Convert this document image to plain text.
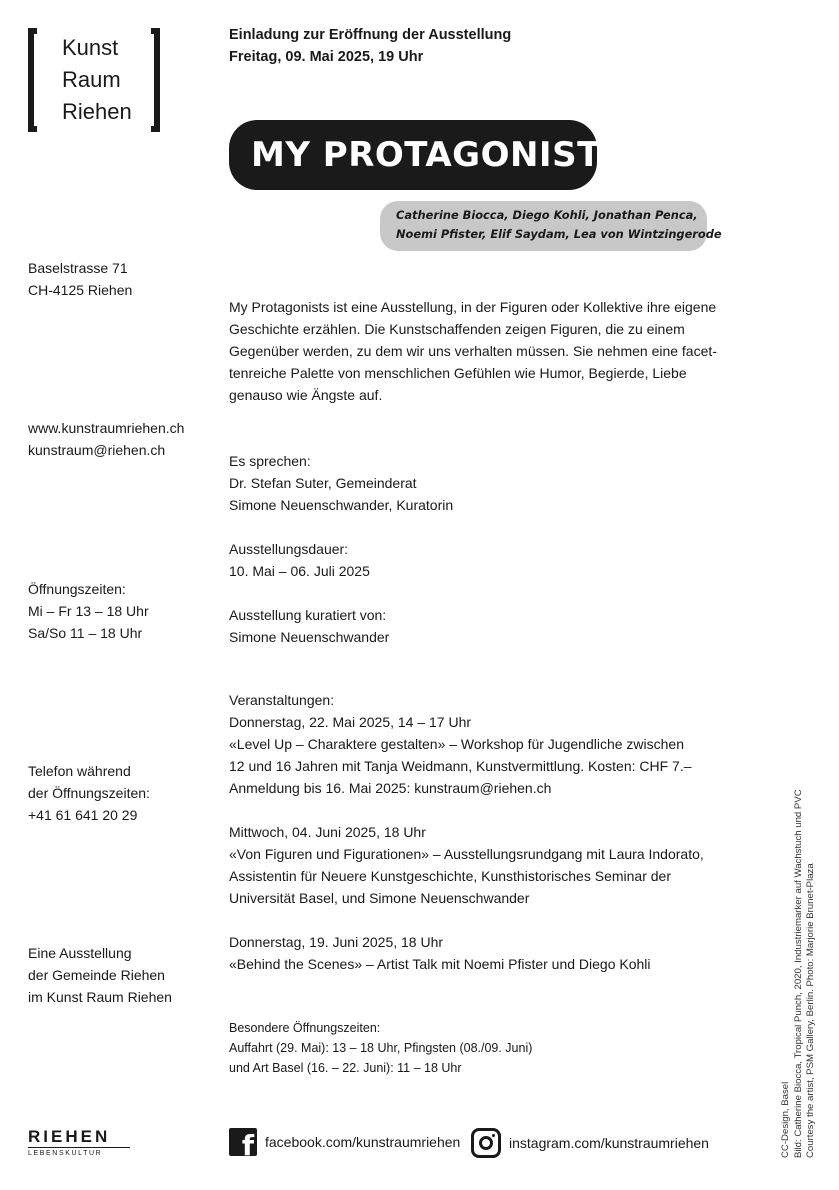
Kunst
Raum
Riehen
Einladung zur Eröffnung der Ausstellung
Freitag, 09. Mai 2025, 19 Uhr
MY PROTAGONISTS
Catherine Biocca, Diego Kohli, Jonathan Penca,
Noemi Pfister, Elif Saydam, Lea von Wintzingerode
Baselstrasse 71
CH-4125 Riehen
www.kunstraumriehen.ch
kunstraum@riehen.ch
Öffnungszeiten:
Mi – Fr 13 – 18 Uhr
Sa/So 11 – 18 Uhr
Telefon während
der Öffnungszeiten:
+41 61 641 20 29
Eine Ausstellung
der Gemeinde Riehen
im Kunst Raum Riehen
My Protagonists ist eine Ausstellung, in der Figuren oder Kollektive ihre eigene
Geschichte erzählen. Die Kunstschaffenden zeigen Figuren, die zu einem
Gegenüber werden, zu dem wir uns verhalten müssen. Sie nehmen eine facet-
tenreiche Palette von menschlichen Gefühlen wie Humor, Begierde, Liebe
genauso wie Ängste auf.
Es sprechen:
Dr. Stefan Suter, Gemeinderat
Simone Neuenschwander, Kuratorin
Ausstellungsdauer:
10. Mai – 06. Juli 2025
Ausstellung kuratiert von:
Simone Neuenschwander
Veranstaltungen:
Donnerstag, 22. Mai 2025, 14 – 17 Uhr
«Level Up – Charaktere gestalten» – Workshop für Jugendliche zwischen
12 und 16 Jahren mit Tanja Weidmann, Kunstvermittlung. Kosten: CHF 7.–
Anmeldung bis 16. Mai 2025: kunstraum@riehen.ch
Mittwoch, 04. Juni 2025, 18 Uhr
«Von Figuren und Figurationen» – Ausstellungsrundgang mit Laura Indorato,
Assistentin für Neuere Kunstgeschichte, Kunsthistorisches Seminar der
Universität Basel, und Simone Neuenschwander
Donnerstag, 19. Juni 2025, 18 Uhr
«Behind the Scenes» – Artist Talk mit Noemi Pfister und Diego Kohli
Besondere Öffnungszeiten:
Auffahrt (29. Mai): 13 – 18 Uhr, Pfingsten (08./09. Juni)
und Art Basel (16. – 22. Juni): 11 – 18 Uhr
CC-Design, Basel Bild: Catherine Biocca, Tropical Punch, 2020, Industriemarker auf Wachstuch und PVC Courtesy the artist, PSM Gallery, Berlin. Photo: Marjorie Brunet-Plaza
RIEHEN
LEBENSKULTUR	f facebook.com/kunstraumriehen	instagram.com/kunstraumriehen
